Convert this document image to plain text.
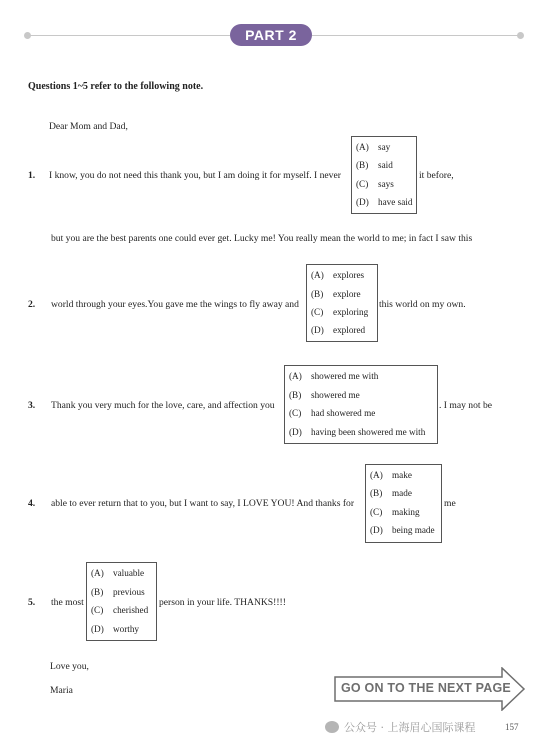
PART 2
Questions 1~5 refer to the following note.
Dear Mom and Dad,
1. I know, you do not need this thank you, but I am doing it for myself. I never
(A) say
(B) said
(C) says
(D) have said
it before,
but you are the best parents one could ever get. Lucky me! You really mean the world to me; in fact I saw this
2. world through your eyes.You gave me the wings to fly away and
(A) explores
(B) explore
(C) exploring
(D) explored
this world on my own.
3. Thank you very much for the love, care, and affection you
(A) showered me with
(B) showered me
(C) had showered me
(D) having been showered me with
. I may not be
4. able to ever return that to you, but I want to say, I LOVE YOU! And thanks for
(A) make
(B) made
(C) making
(D) being made
me
5. the most
(A) valuable
(B) previous
(C) cherished
(D) worthy
person in your life. THANKS!!!!
Love you,
Maria	GO ON TO THE NEXT PAGE
公众号 · 上海眉心国际课程	157
